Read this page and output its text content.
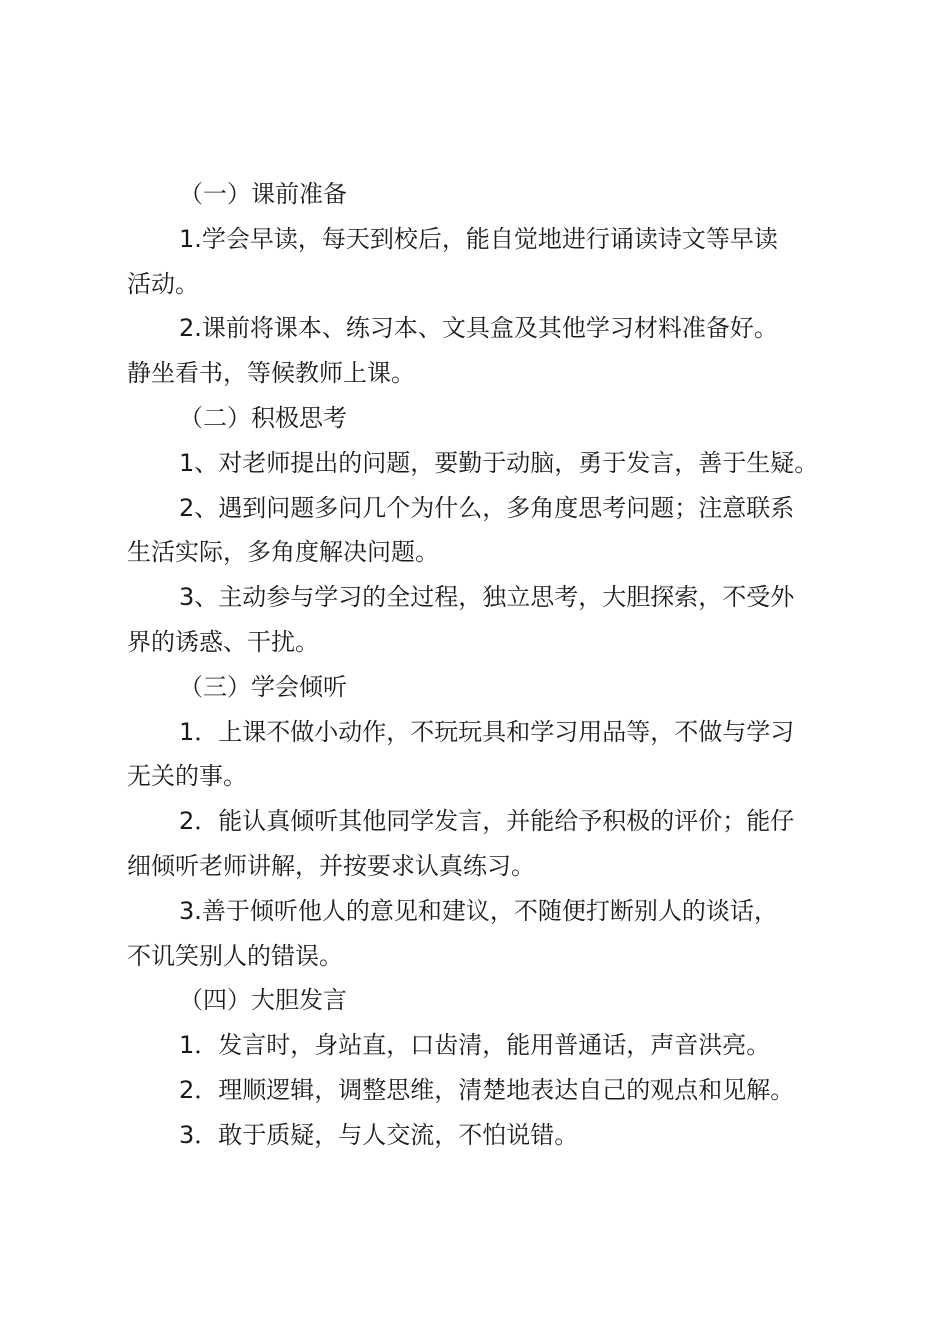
（一）课前准备
1.学会早读，每天到校后，能自觉地进行诵读诗文等早读
活动。
2.课前将课本、练习本、文具盒及其他学习材料准备好。
静坐看书，等候教师上课。
（二）积极思考
1、对老师提出的问题，要勤于动脑，勇于发言，善于生疑。
2、遇到问题多问几个为什么，多角度思考问题；注意联系
生活实际，多角度解决问题。
3、主动参与学习的全过程，独立思考，大胆探索，不受外
界的诱惑、干扰。
（三）学会倾听
1．上课不做小动作，不玩玩具和学习用品等，不做与学习
无关的事。
2．能认真倾听其他同学发言，并能给予积极的评价；能仔
细倾听老师讲解，并按要求认真练习。
3.善于倾听他人的意见和建议，不随便打断别人的谈话，
不讥笑别人的错误。
（四）大胆发言
1．发言时，身站直，口齿清，能用普通话，声音洪亮。
2．理顺逻辑，调整思维，清楚地表达自己的观点和见解。
3．敢于质疑，与人交流，不怕说错。
